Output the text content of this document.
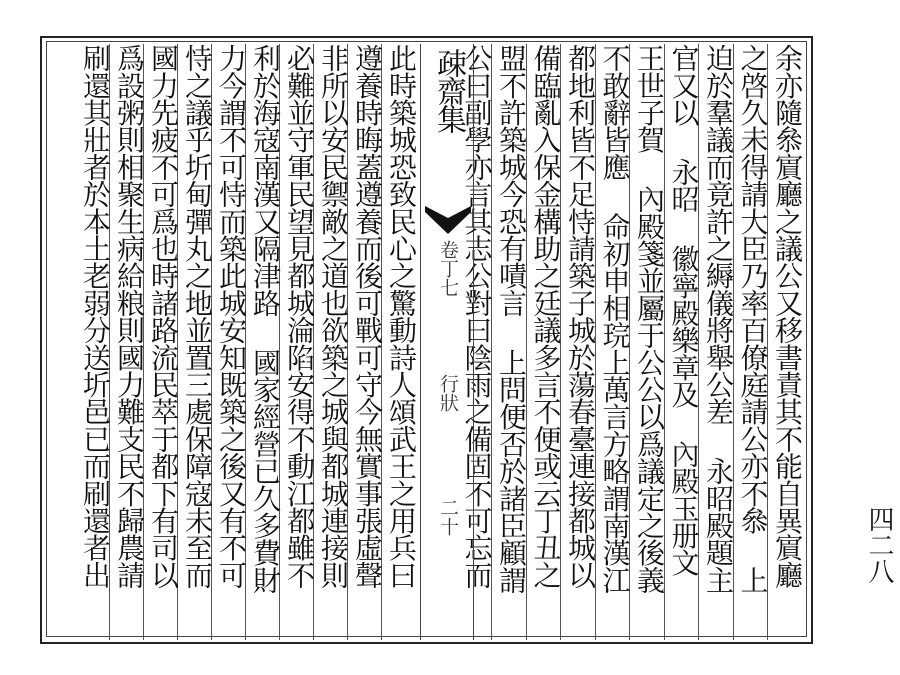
余亦隨叅賔廳之議公又移書責其不能自異賔廳
之啓久未得請大臣乃率百僚庭請公亦不叅 上
迫於羣議而竟許之縟儀將舉公差 永昭殿題主
官又以 永昭 徽寧殿樂章及 內殿玉册文
王世子賀 內殿箋並屬于公公以爲議定之後義
不敢辭皆應 命初申相琓上萬言方略謂南漢江
都地利皆不足恃請築子城於蕩春臺連接都城以
備臨亂入保金構助之廷議多言不便或云丁丑之
盟不許築城今恐有嘖言 上問便否於諸臣顧謂
公曰副學亦言其志公對曰陰雨之備固不可忘而
疎齋集
卷丁七
行狀
二十
此時築城恐致民心之驚動詩人頌武王之用兵曰
遵養時晦蓋遵養而後可戰可守今無實事張虛聲
非所以安民禦敵之道也欲築之城與都城連接則
必難並守軍民望見都城淪陷安得不動江都雖不
利於海寇南漢又隔津路 國家經營已久多費財
力今謂不可恃而築此城安知既築之後又有不可
恃之議乎圻甸彈丸之地並置三處保障寇未至而
國力先疲不可爲也時諸路流民萃于都下有司以
爲設粥則相聚生病給粮則國力難支民不歸農請
刷還其壯者於本土老弱分送圻邑已而刷還者出	四二八
